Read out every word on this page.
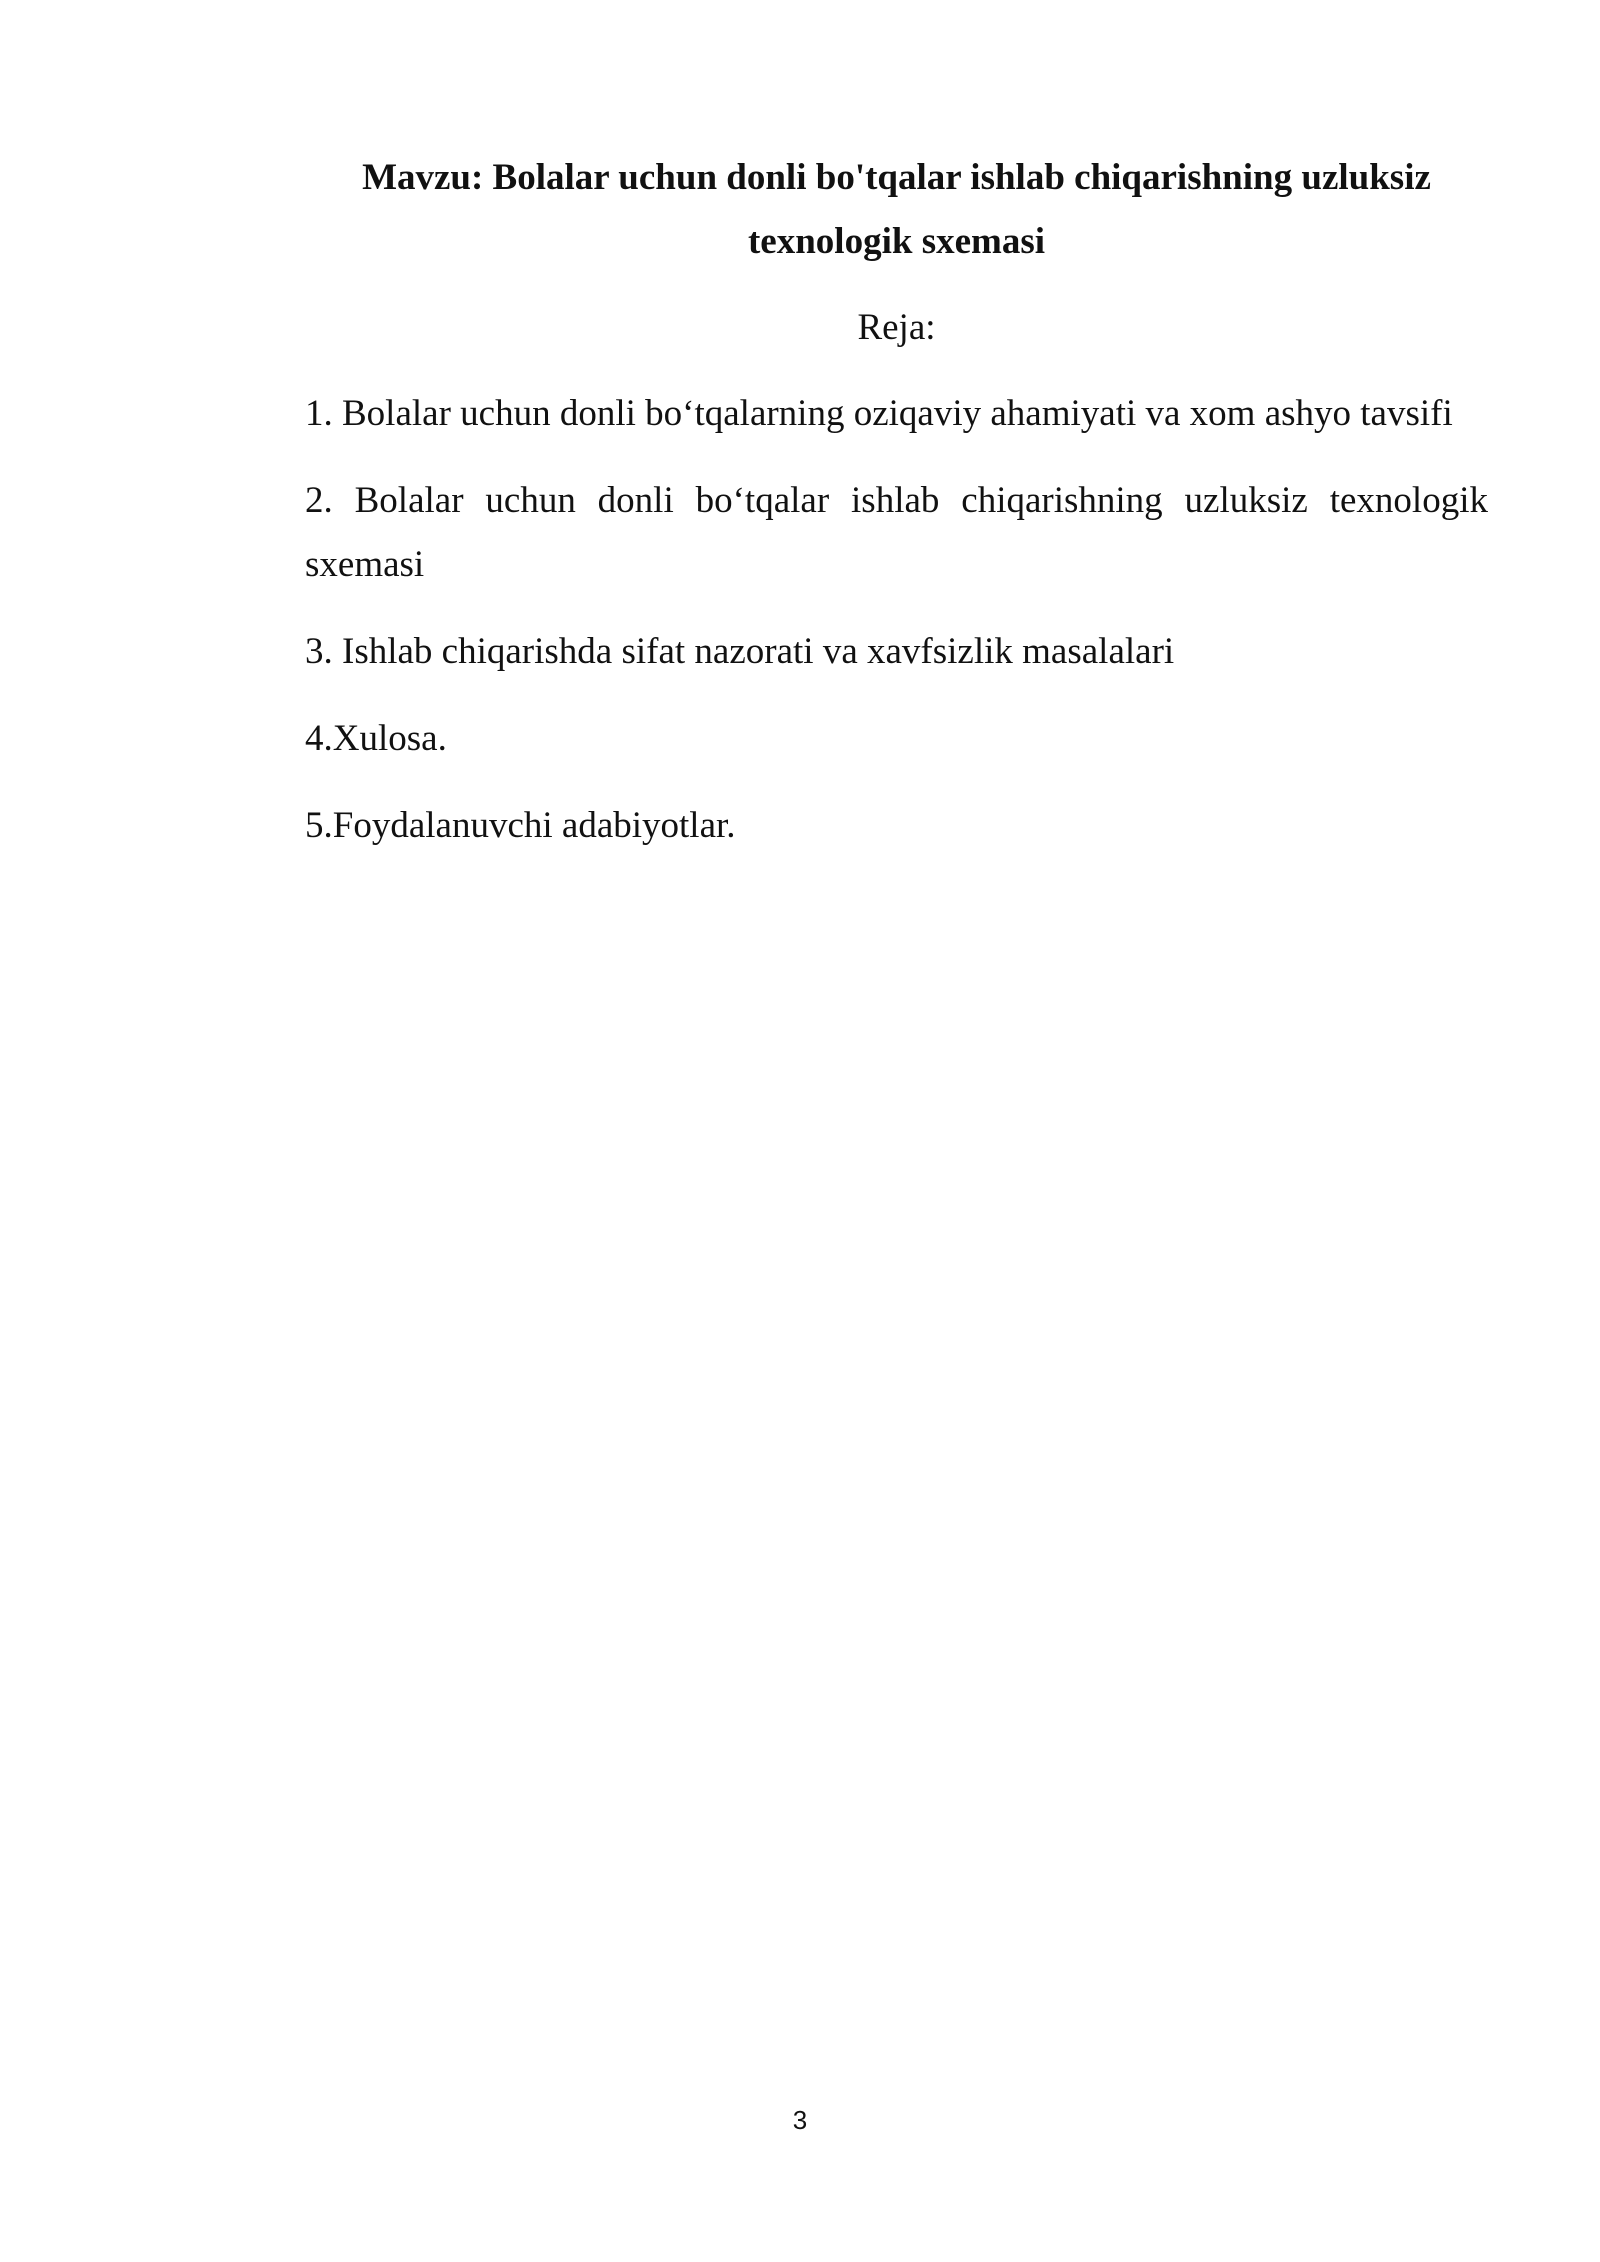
Mavzu: Bolalar uchun donli bo'tqalar ishlab chiqarishning uzluksiz texnologik sxemasi

Reja:

1. Bolalar uchun donli bo‘tqalarning oziqaviy ahamiyati va xom ashyo tavsifi
2. Bolalar uchun donli bo‘tqalar ishlab chiqarishning uzluksiz texnologik sxemasi
3. Ishlab chiqarishda sifat nazorati va xavfsizlik masalalari
4.Xulosa.
5.Foydalanuvchi adabiyotlar.
3
